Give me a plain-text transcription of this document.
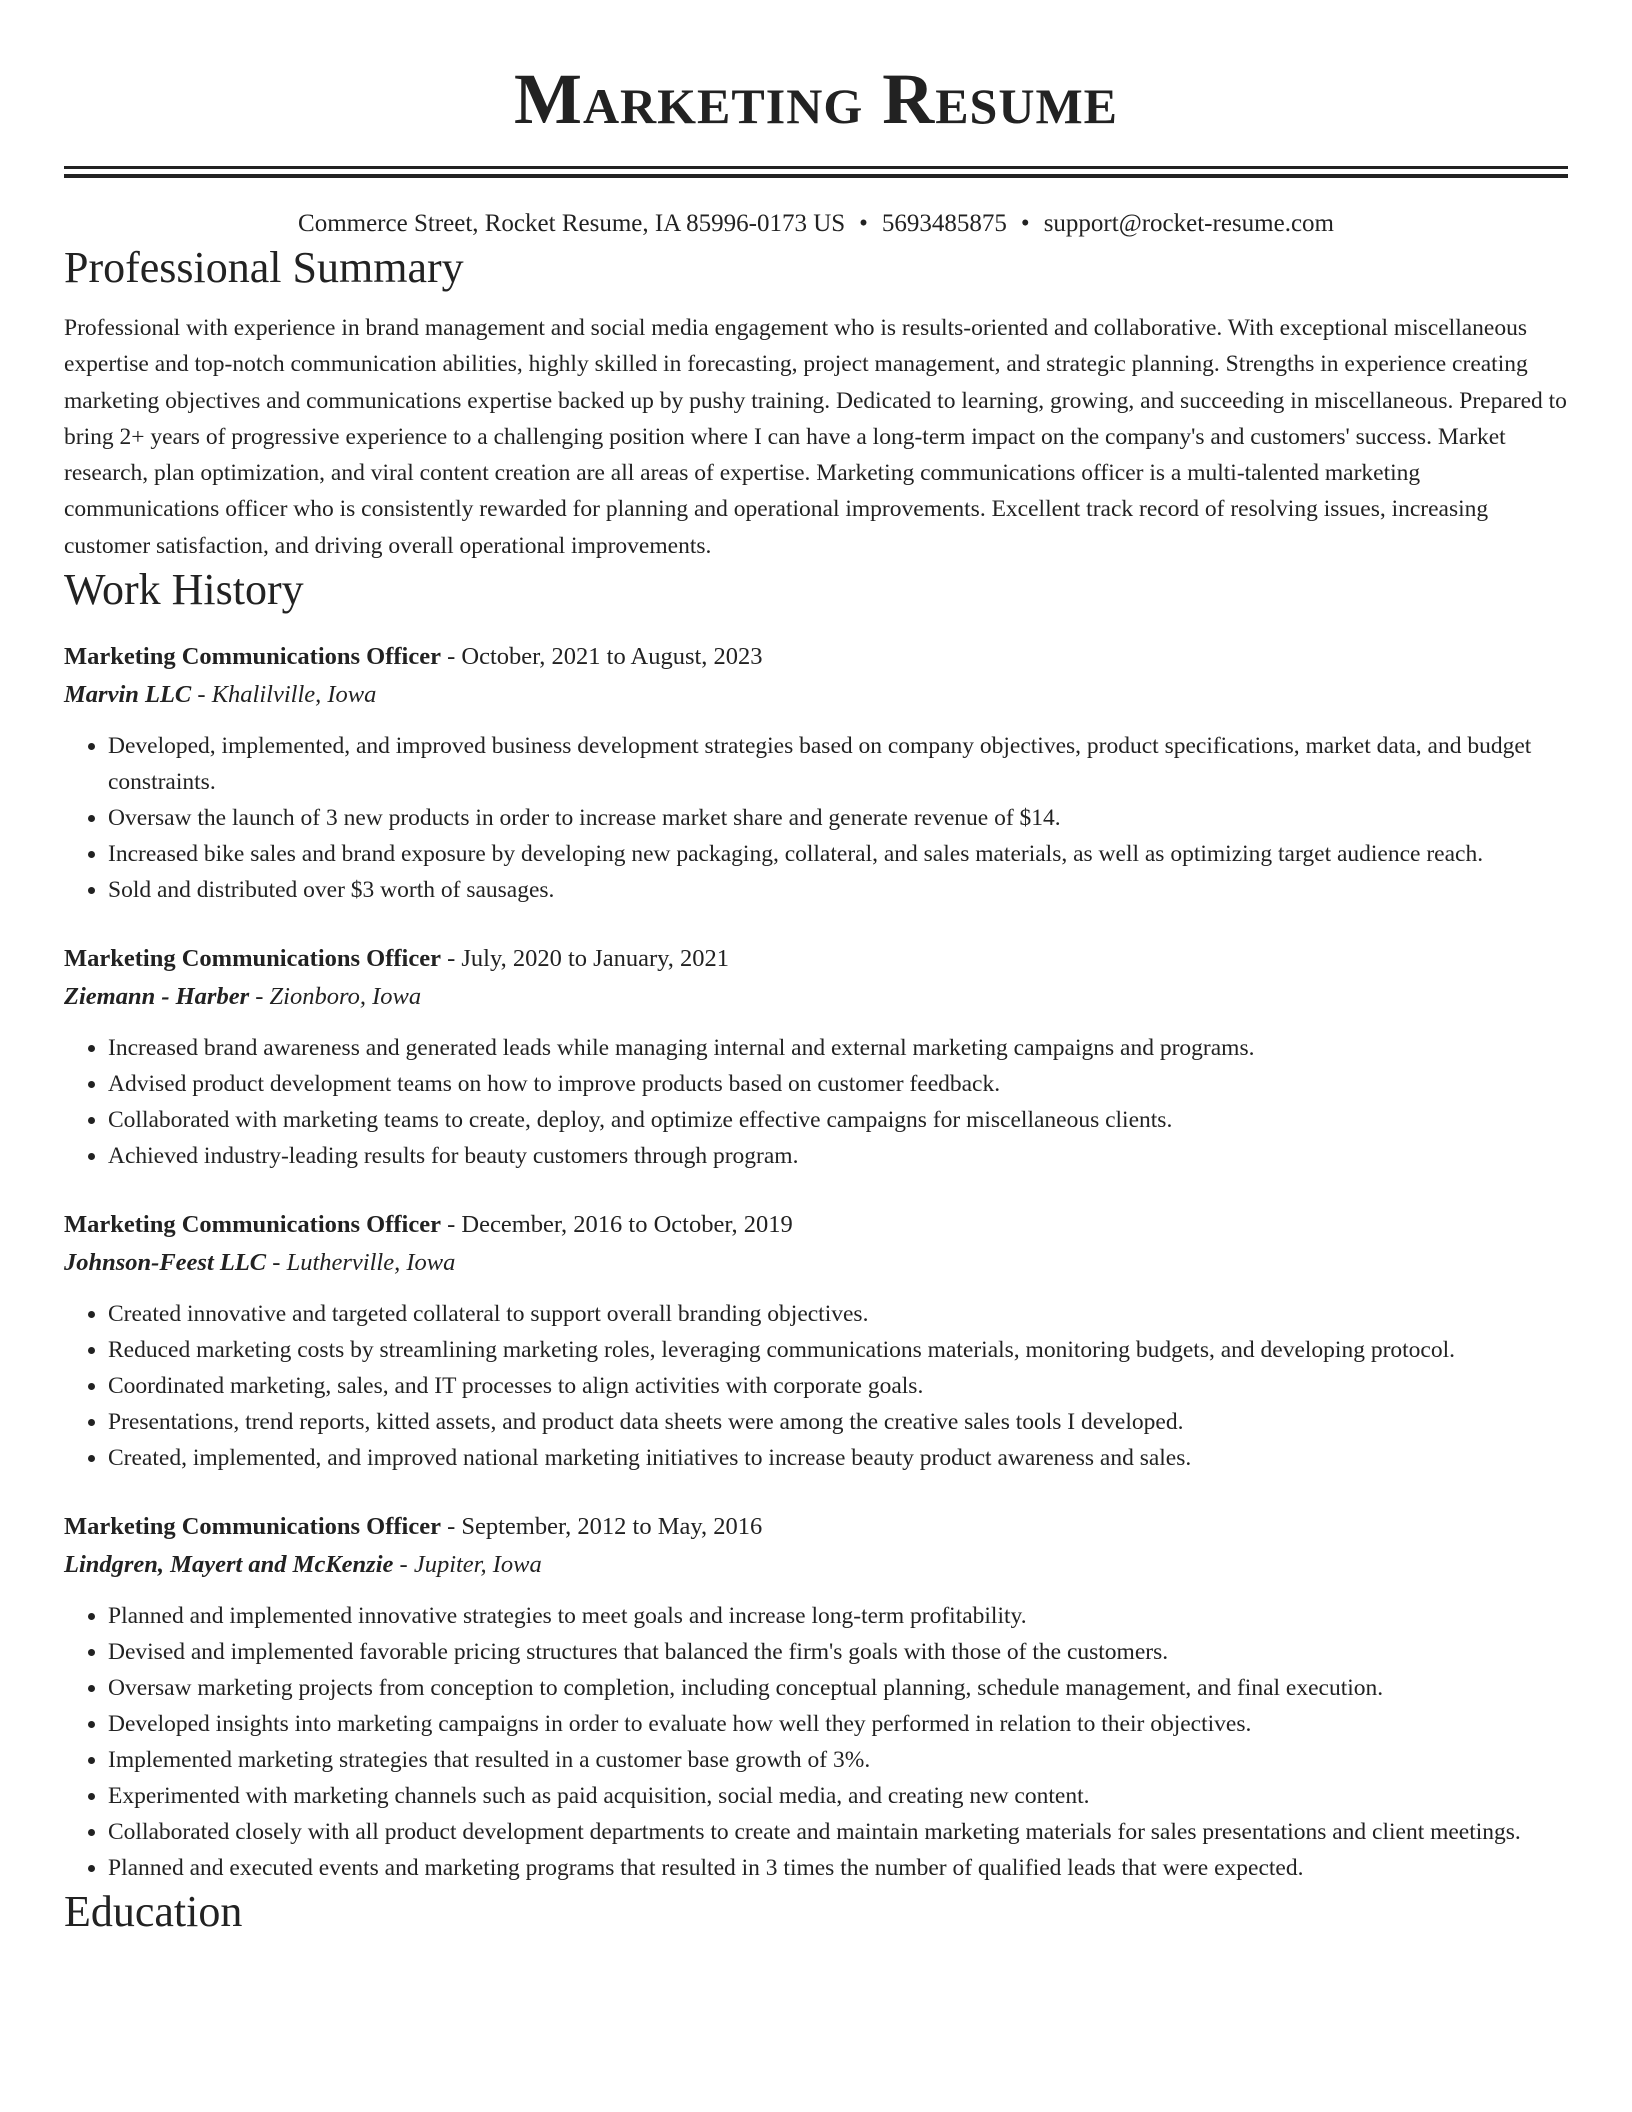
Marketing Resume
Commerce Street, Rocket Resume, IA 85996-0173 US • 5693485875 • support@rocket-resume.com
Professional Summary
Professional with experience in brand management and social media engagement who is results-oriented and collaborative. With exceptional miscellaneous expertise and top-notch communication abilities, highly skilled in forecasting, project management, and strategic planning. Strengths in experience creating marketing objectives and communications expertise backed up by pushy training. Dedicated to learning, growing, and succeeding in miscellaneous. Prepared to bring 2+ years of progressive experience to a challenging position where I can have a long-term impact on the company's and customers' success. Market research, plan optimization, and viral content creation are all areas of expertise. Marketing communications officer is a multi-talented marketing communications officer who is consistently rewarded for planning and operational improvements. Excellent track record of resolving issues, increasing customer satisfaction, and driving overall operational improvements.
Work History
Marketing Communications Officer - October, 2021 to August, 2023
Marvin LLC - Khalilville, Iowa
• Developed, implemented, and improved business development strategies based on company objectives, product specifications, market data, and budget constraints.
• Oversaw the launch of 3 new products in order to increase market share and generate revenue of $14.
• Increased bike sales and brand exposure by developing new packaging, collateral, and sales materials, as well as optimizing target audience reach.
• Sold and distributed over $3 worth of sausages.
Marketing Communications Officer - July, 2020 to January, 2021
Ziemann - Harber - Zionboro, Iowa
• Increased brand awareness and generated leads while managing internal and external marketing campaigns and programs.
• Advised product development teams on how to improve products based on customer feedback.
• Collaborated with marketing teams to create, deploy, and optimize effective campaigns for miscellaneous clients.
• Achieved industry-leading results for beauty customers through program.
Marketing Communications Officer - December, 2016 to October, 2019
Johnson-Feest LLC - Lutherville, Iowa
• Created innovative and targeted collateral to support overall branding objectives.
• Reduced marketing costs by streamlining marketing roles, leveraging communications materials, monitoring budgets, and developing protocol.
• Coordinated marketing, sales, and IT processes to align activities with corporate goals.
• Presentations, trend reports, kitted assets, and product data sheets were among the creative sales tools I developed.
• Created, implemented, and improved national marketing initiatives to increase beauty product awareness and sales.
Marketing Communications Officer - September, 2012 to May, 2016
Lindgren, Mayert and McKenzie - Jupiter, Iowa
• Planned and implemented innovative strategies to meet goals and increase long-term profitability.
• Devised and implemented favorable pricing structures that balanced the firm's goals with those of the customers.
• Oversaw marketing projects from conception to completion, including conceptual planning, schedule management, and final execution.
• Developed insights into marketing campaigns in order to evaluate how well they performed in relation to their objectives.
• Implemented marketing strategies that resulted in a customer base growth of 3%.
• Experimented with marketing channels such as paid acquisition, social media, and creating new content.
• Collaborated closely with all product development departments to create and maintain marketing materials for sales presentations and client meetings.
• Planned and executed events and marketing programs that resulted in 3 times the number of qualified leads that were expected.
Education
